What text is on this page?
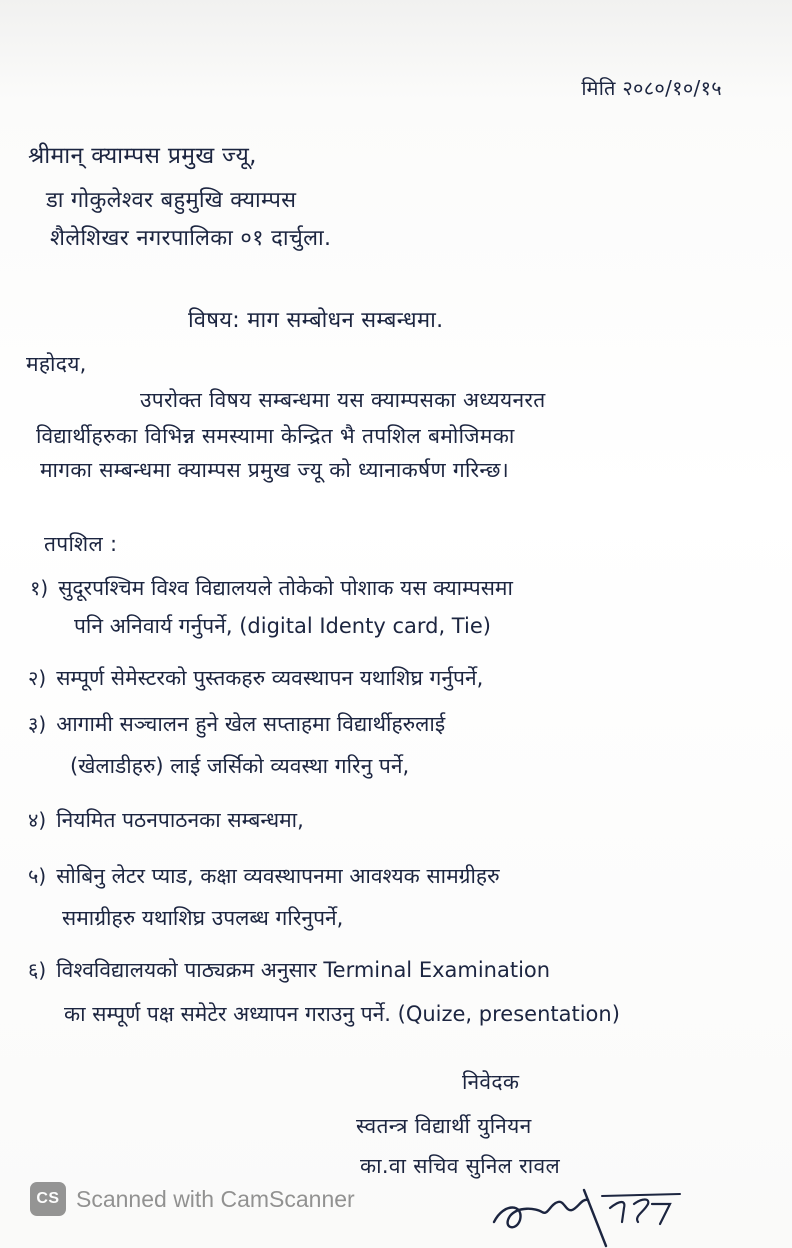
मिति २०८०/१०/१५
श्रीमान् क्याम्पस प्रमुख ज्यू,
डा गोकुलेश्वर बहुमुखि क्याम्पस
शैलेशिखर नगरपालिका ०१ दार्चुला.
विषय: माग सम्बोधन सम्बन्धमा.
महोदय,
उपरोक्त विषय सम्बन्धमा यस क्याम्पसका अध्ययनरत
विद्यार्थीहरुका विभिन्न समस्यामा केन्द्रित भै तपशिल बमोजिमका
मागका सम्बन्धमा क्याम्पस प्रमुख ज्यू को ध्यानाकर्षण गरिन्छ।
तपशिल :
१) सुदूरपश्चिम विश्व विद्यालयले तोकेको पोशाक यस क्याम्पसमा
पनि अनिवार्य गर्नुपर्ने, (digital Identy card, Tie)
२) सम्पूर्ण सेमेस्टरको पुस्तकहरु व्यवस्थापन यथाशिघ्र गर्नुपर्ने,
३) आगामी सञ्चालन हुने खेल सप्ताहमा विद्यार्थीहरुलाई
(खेलाडीहरु) लाई जर्सिको व्यवस्था गरिनु पर्ने,
४) नियमित पठनपाठनका सम्बन्धमा,
५) सोबिनु लेटर प्याड, कक्षा व्यवस्थापनमा आवश्यक सामग्रीहरु
समाग्रीहरु यथाशिघ्र उपलब्ध गरिनुपर्ने,
६) विश्वविद्यालयको पाठ्यक्रम अनुसार Terminal Examination
का सम्पूर्ण पक्ष समेटेर अध्यापन गराउनु पर्ने. (Quize, presentation)
निवेदक
स्वतन्त्र विद्यार्थी युनियन
का.वा सचिव सुनिल रावल
CS Scanned with CamScanner
